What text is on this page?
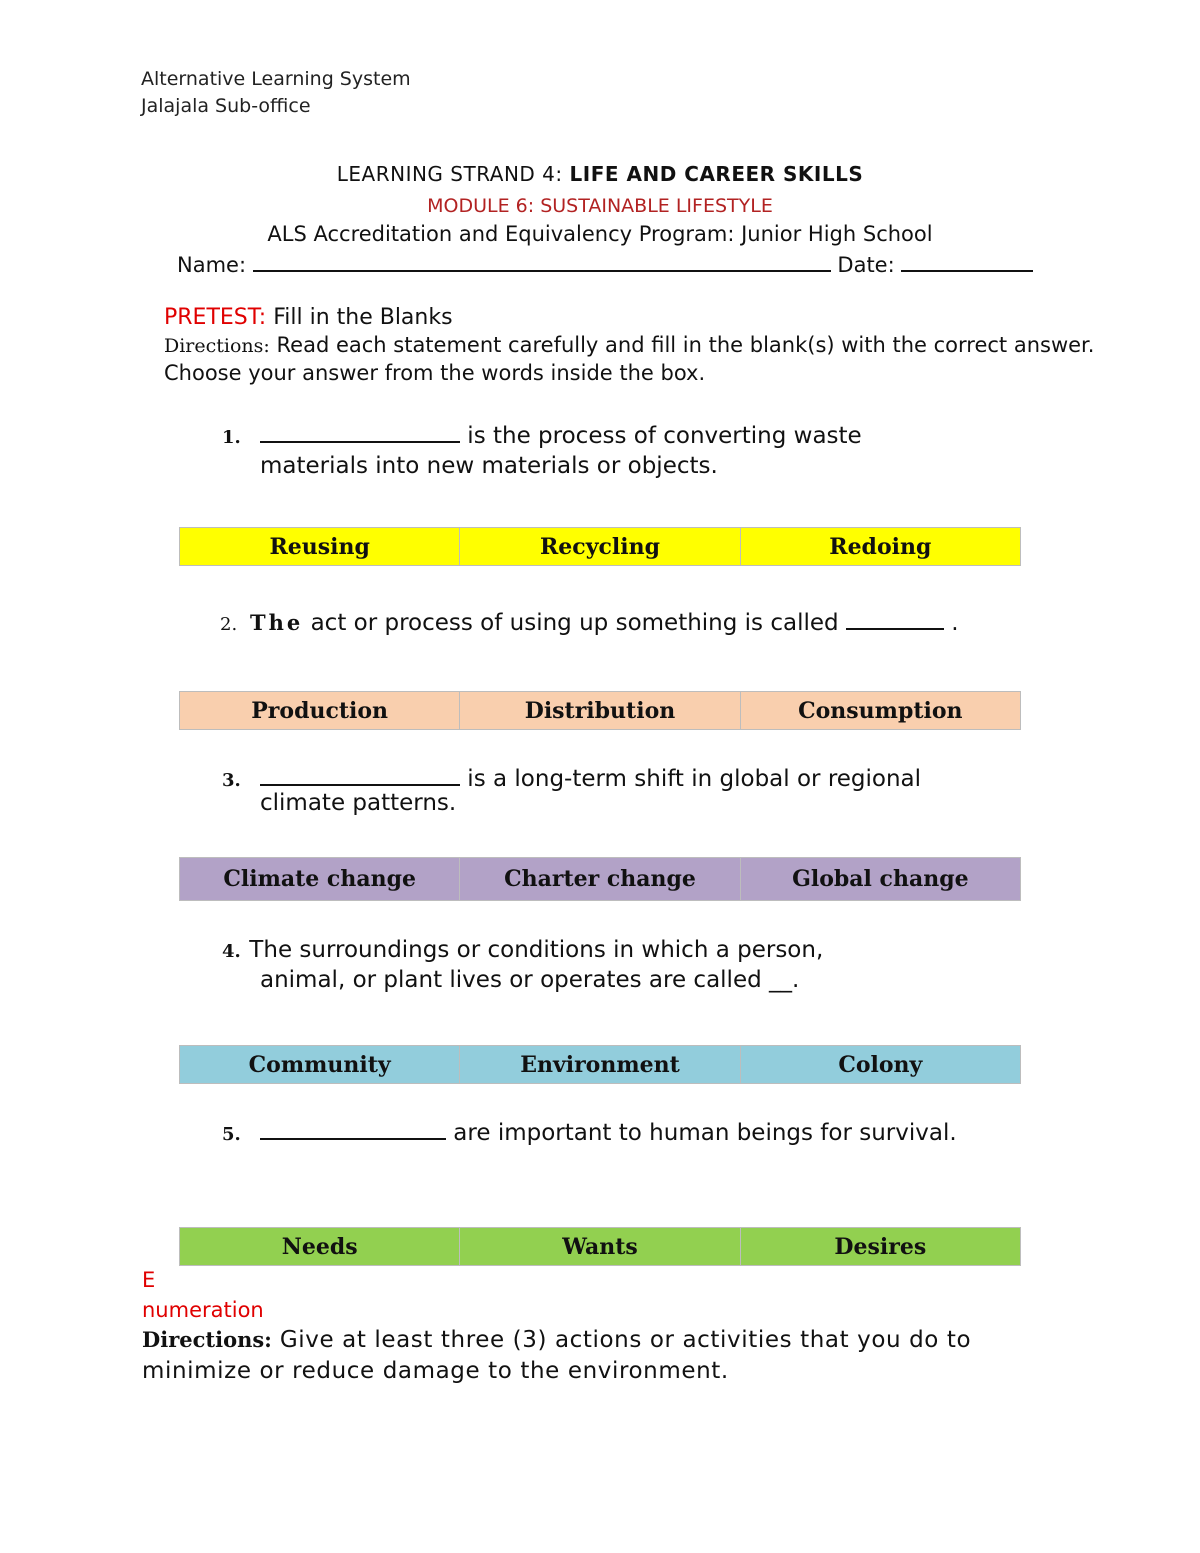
Alternative Learning System
Jalajala Sub-office
LEARNING STRAND 4: LIFE AND CAREER SKILLS
MODULE 6: SUSTAINABLE LIFESTYLE
ALS Accreditation and Equivalency Program: Junior High School
Name:	Date:
PRETEST: Fill in the Blanks
Directions: Read each statement carefully and fill in the blank(s) with the correct answer.
Choose your answer from the words inside the box.
1.	is the process of converting waste
materials into new materials or objects.
Reusing	Recycling	Redoing
2. The act or process of using up something is called	.
Production	Distribution	Consumption
3.	is a long-term shift in global or regional
climate patterns.
Climate change	Charter change	Global change
4. The surroundings or conditions in which a person,
animal, or plant lives or operates are called __.
Community	Environment	Colony
5.	are important to human beings for survival.
Needs	Wants	Desires
E
numeration
Directions: Give at least three (3) actions or activities that you do to
minimize or reduce damage to the environment.
